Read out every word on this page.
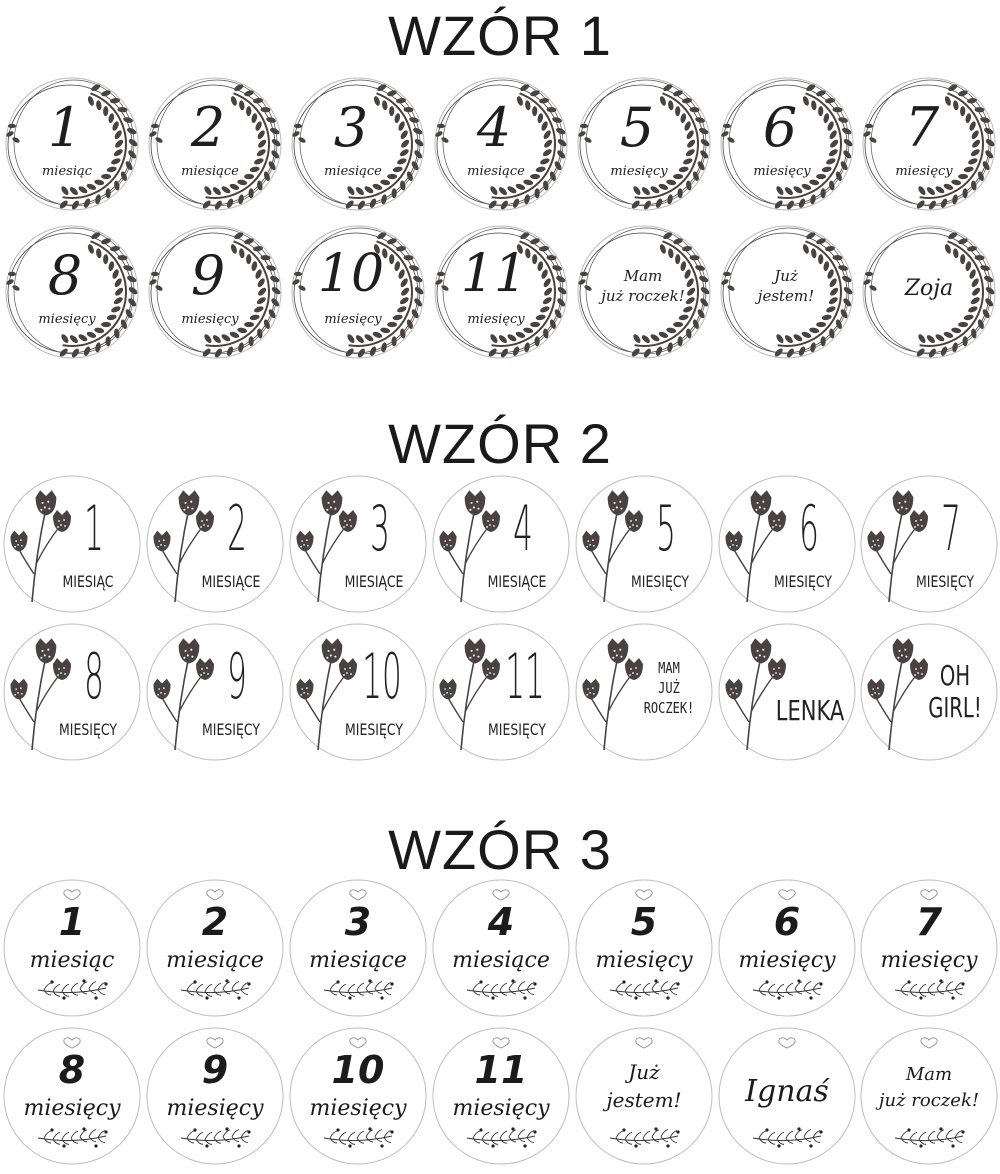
WZÓR 1
1
miesiąc
2
miesiące
3
miesiące
4
miesiące
5
miesięcy
6
miesięcy
7
miesięcy
8
miesięcy
9
miesięcy
10
miesięcy
11
miesięcy
Mam
już roczek!
Już
jestem!	Zoja
WZÓR 2
1
MIESIĄC
2
MIESIĄCE
3
MIESIĄCE
4
MIESIĄCE
5
MIESIĘCY
6
MIESIĘCY
7
MIESIĘCY
8
MIESIĘCY
9
MIESIĘCY
10
MIESIĘCY
11
MIESIĘCY
MAM
JUŻ
ROCZEK!	LENKA
OH
GIRL!
WZÓR 3
1
miesiąc
2
miesiące
3
miesiące
4
miesiące
5
miesięcy
6
miesięcy
7
miesięcy
8
miesięcy
9
miesięcy
10
miesięcy
11
miesięcy
Już
jestem!	Ignaś	Mam
już roczek!
